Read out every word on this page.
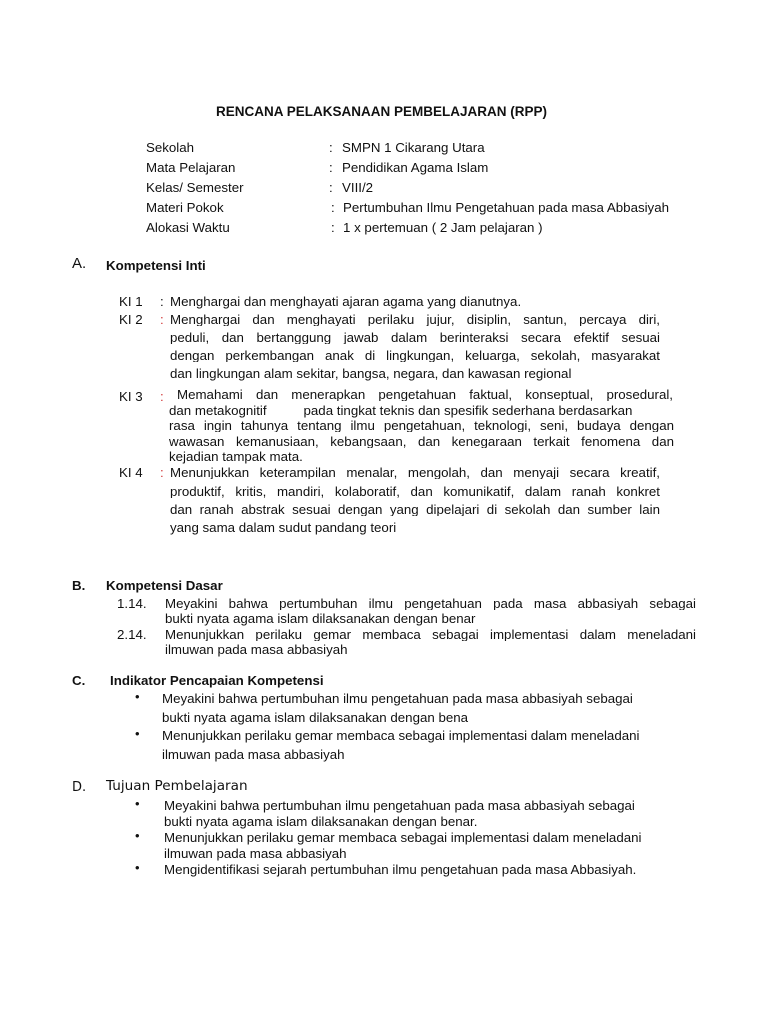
RENCANA PELAKSANAAN PEMBELAJARAN (RPP)
Sekolah	: SMPN 1 Cikarang Utara
Mata Pelajaran	: Pendidikan Agama Islam
Kelas/ Semester	: VIII/2
Materi Pokok	: Pertumbuhan Ilmu Pengetahuan pada masa Abbasiyah
Alokasi Waktu	: 1 x pertemuan ( 2 Jam pelajaran )
A. Kompetensi Inti
KI 1 : Menghargai dan menghayati ajaran agama yang dianutnya.
KI 2 : Menghargai dan menghayati perilaku jujur, disiplin, santun, percaya diri,
peduli, dan bertanggung jawab dalam berinteraksi secara efektif sesuai
dengan perkembangan anak di lingkungan, keluarga, sekolah, masyarakat
dan lingkungan alam sekitar, bangsa, negara, dan kawasan regional
KI 3 : Memahami dan menerapkan pengetahuan faktual, konseptual, prosedural,
dan metakognitif          pada tingkat teknis dan spesifik sederhana berdasarkan
rasa ingin tahunya tentang ilmu pengetahuan, teknologi, seni, budaya dengan
wawasan kemanusiaan, kebangsaan, dan kenegaraan terkait fenomena dan
kejadian tampak mata.
KI 4 : Menunjukkan keterampilan menalar, mengolah, dan menyaji secara kreatif,
produktif, kritis, mandiri, kolaboratif, dan komunikatif, dalam ranah konkret
dan ranah abstrak sesuai dengan yang dipelajari di sekolah dan sumber lain
yang sama dalam sudut pandang teori
B. Kompetensi Dasar
1.14. Meyakini bahwa pertumbuhan ilmu pengetahuan pada masa abbasiyah sebagai
bukti nyata agama islam dilaksanakan dengan benar
2.14. Menunjukkan perilaku gemar membaca sebagai implementasi dalam meneladani
ilmuwan pada masa abbasiyah
C. Indikator Pencapaian Kompetensi
• Meyakini bahwa pertumbuhan ilmu pengetahuan pada masa abbasiyah sebagai
bukti nyata agama islam dilaksanakan dengan bena
• Menunjukkan perilaku gemar membaca sebagai implementasi dalam meneladani
ilmuwan pada masa abbasiyah
D. Tujuan Pembelajaran
• Meyakini bahwa pertumbuhan ilmu pengetahuan pada masa abbasiyah sebagai
bukti nyata agama islam dilaksanakan dengan benar.
• Menunjukkan perilaku gemar membaca sebagai implementasi dalam meneladani
ilmuwan pada masa abbasiyah
• Mengidentifikasi sejarah pertumbuhan ilmu pengetahuan pada masa Abbasiyah.
